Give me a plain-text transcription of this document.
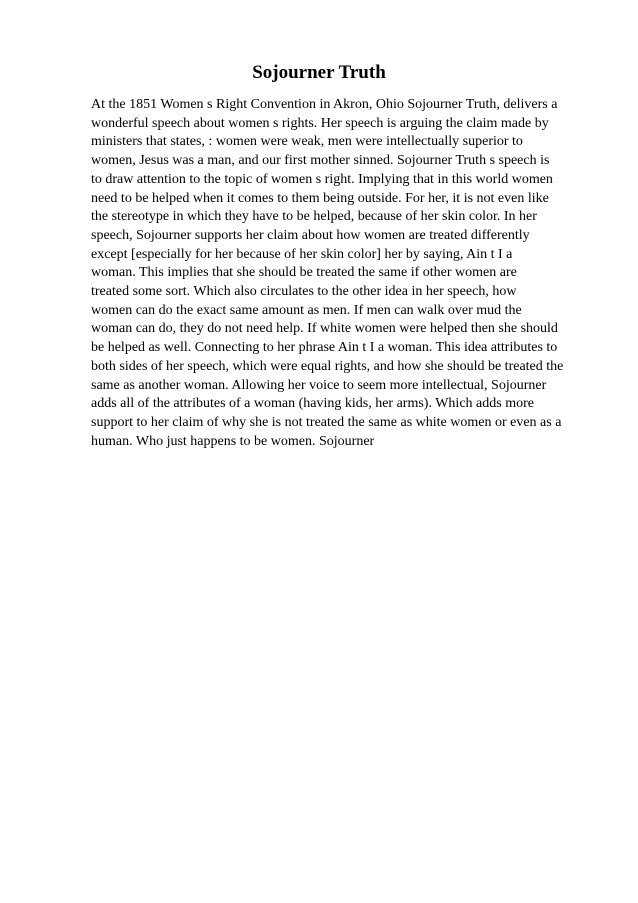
Sojourner Truth
At the 1851 Women s Right Convention in Akron, Ohio Sojourner Truth, delivers a
wonderful speech about women s rights. Her speech is arguing the claim made by
ministers that states, : women were weak, men were intellectually superior to
women, Jesus was a man, and our first mother sinned. Sojourner Truth s speech is
to draw attention to the topic of women s right. Implying that in this world women
need to be helped when it comes to them being outside. For her, it is not even like
the stereotype in which they have to be helped, because of her skin color. In her
speech, Sojourner supports her claim about how women are treated differently
except [especially for her because of her skin color] her by saying, Ain t I a
woman. This implies that she should be treated the same if other women are
treated some sort. Which also circulates to the other idea in her speech, how
women can do the exact same amount as men. If men can walk over mud the
woman can do, they do not need help. If white women were helped then she should
be helped as well. Connecting to her phrase Ain t I a woman. This idea attributes to
both sides of her speech, which were equal rights, and how she should be treated the
same as another woman. Allowing her voice to seem more intellectual, Sojourner
adds all of the attributes of a woman (having kids, her arms). Which adds more
support to her claim of why she is not treated the same as white women or even as a
human. Who just happens to be women. Sojourner
